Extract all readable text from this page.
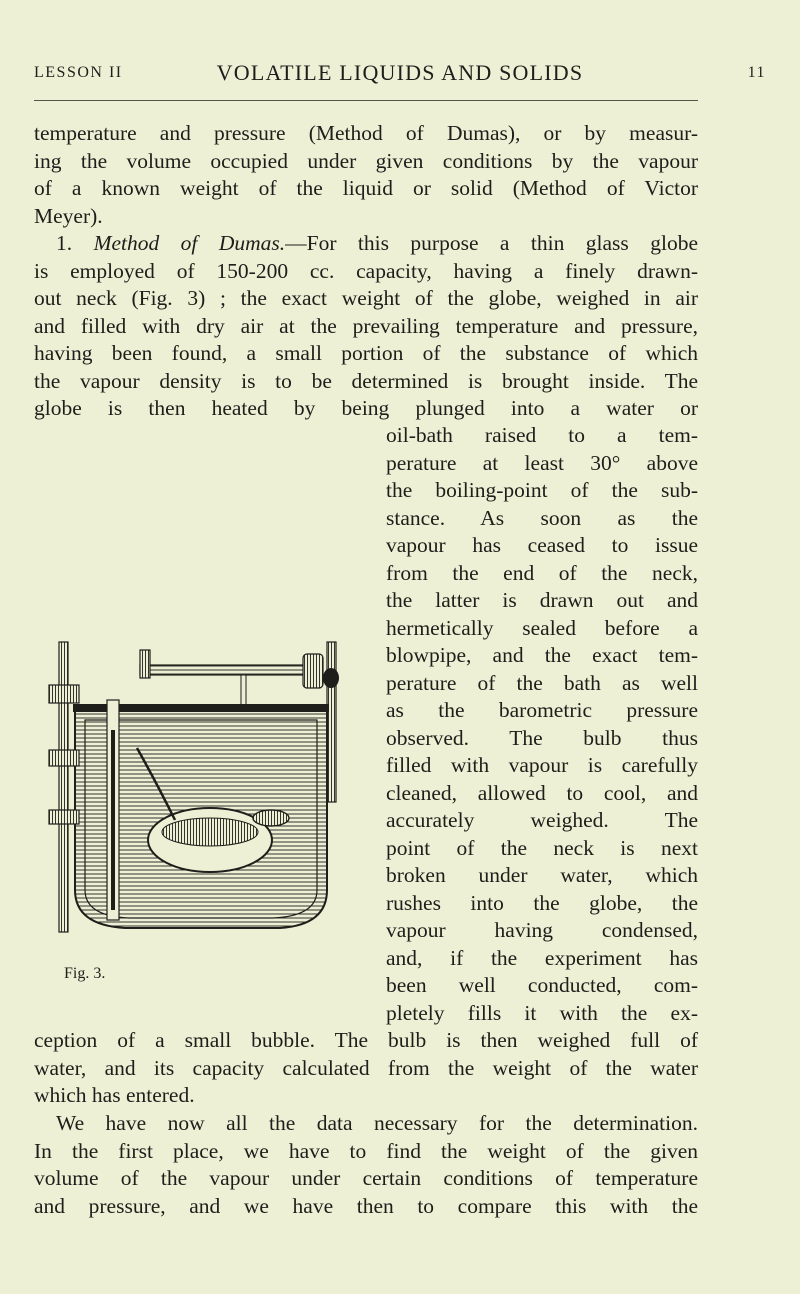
LESSON II	VOLATILE LIQUIDS AND SOLIDS	11
temperature and pressure (Method of Dumas), or by measur-
ing the volume occupied under given conditions by the vapour
of a known weight of the liquid or solid (Method of Victor
Meyer).
1. Method of Dumas.—For this purpose a thin glass globe
is employed of 150-200 cc. capacity, having a finely drawn-
out neck (Fig. 3) ; the exact weight of the globe, weighed in air
and filled with dry air at the prevailing temperature and pressure,
having been found, a small portion of the substance of which
the vapour density is to be determined is brought inside. The
globe is then heated by being plunged into a water or
oil-bath raised to a tem-
perature at least 30° above
the boiling-point of the sub-
stance. As soon as the
vapour has ceased to issue
from the end of the neck,
the latter is drawn out and
hermetically sealed before a
blowpipe, and the exact tem-
perature of the bath as well
as the barometric pressure
observed. The bulb thus
filled with vapour is carefully
cleaned, allowed to cool, and
accurately weighed. The
point of the neck is next
broken under water, which
rushes into the globe, the
vapour having condensed,
and, if the experiment has
been well conducted, com-
pletely fills it with the ex-
Fig. 3.
ception of a small bubble. The bulb is then weighed full of
water, and its capacity calculated from the weight of the water
which has entered.
We have now all the data necessary for the determination.
In the first place, we have to find the weight of the given
volume of the vapour under certain conditions of temperature
and pressure, and we have then to compare this with the
